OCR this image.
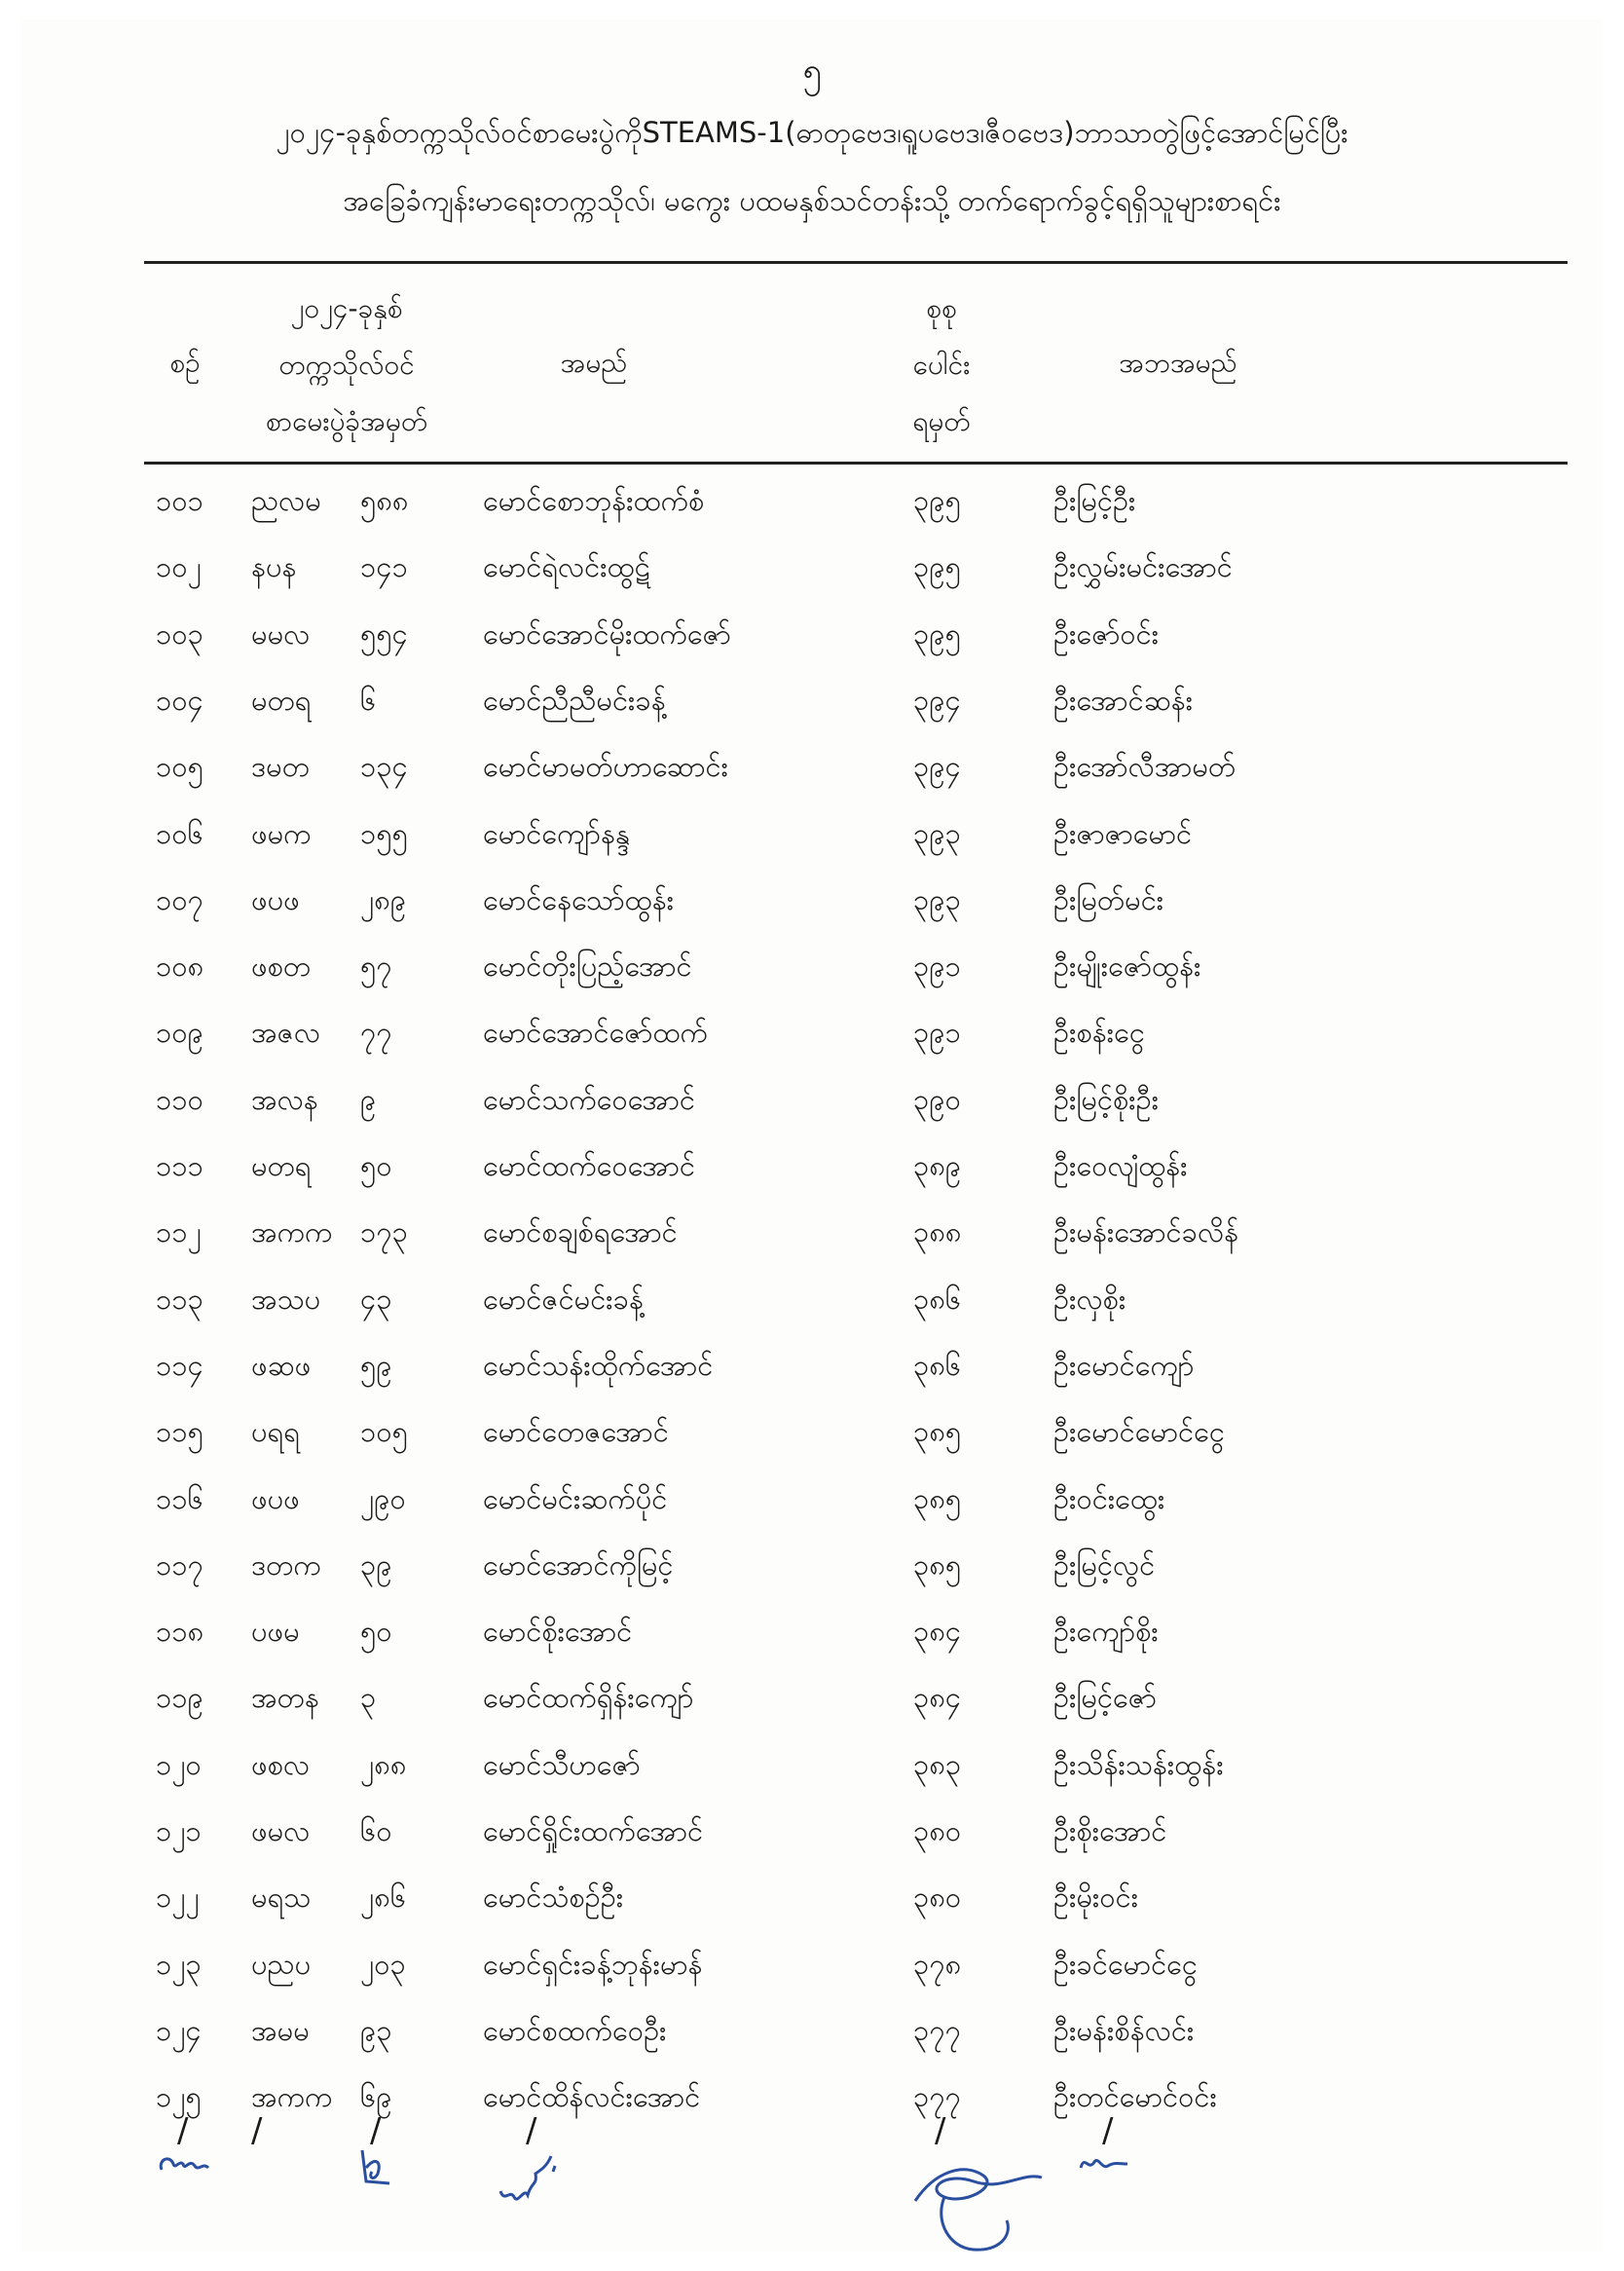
၅
၂၀၂၄-ခုနှစ်တက္ကသိုလ်ဝင်စာမေးပွဲကိုSTEAMS-1(ဓာတုဗေဒ၊ရူပဗေဒ၊ဇီဝဗေဒ)ဘာသာတွဲဖြင့်အောင်မြင်ပြီး
အခြေခံကျန်းမာရေးတက္ကသိုလ်၊ မကွေး ပထမနှစ်သင်တန်းသို့ တက်ရောက်ခွင့်ရရှိသူများစာရင်း
စဉ်
၂၀၂၄-ခုနှစ်
တက္ကသိုလ်ဝင်
စာမေးပွဲခုံအမှတ်
အမည်
စုစု
ပေါင်း
ရမှတ်
အဘအမည်
၁၀၁ ညလမ ၅၈၈	မောင်စောဘုန်းထက်စံ	၃၉၅	ဦးမြင့်ဦး
၁၀၂ နပန ၁၄၁	မောင်ရဲလင်းထွဋ်	၃၉၅	ဦးလွှမ်းမင်းအောင်
၁၀၃ မမလ ၅၅၄	မောင်အောင်မိုးထက်ဇော်	၃၉၅	ဦးဇော်ဝင်း
၁၀၄ မတရ ၆	မောင်ညီညီမင်းခန့်	၃၉၄	ဦးအောင်ဆန်း
၁၀၅ ဒမတ ၁၃၄	မောင်မာမတ်ဟာဆောင်း	၃၉၄	ဦးအော်လီအာမတ်
၁၀၆ ဖမက ၁၅၅	မောင်ကျော်နန္ဒ	၃၉၃	ဦးဇာဇာမောင်
၁၀၇ ဖပဖ ၂၈၉	မောင်နေသော်ထွန်း	၃၉၃	ဦးမြတ်မင်း
၁၀၈ ဖစတ ၅၇	မောင်တိုးပြည့်အောင်	၃၉၁	ဦးမျိုးဇော်ထွန်း
၁၀၉ အဇလ ၇၇	မောင်အောင်ဇော်ထက်	၃၉၁	ဦးစန်းငွေ
၁၁၀ အလန ၉	မောင်သက်ဝေအောင်	၃၉၀	ဦးမြင့်စိုးဦး
၁၁၁ မတရ ၅၀	မောင်ထက်ဝေအောင်	၃၈၉	ဦးဝေလျံထွန်း
၁၁၂ အကက ၁၇၃	မောင်စချစ်ရအောင်	၃၈၈	ဦးမန်းအောင်ခလိန်
၁၁၃ အသပ ၄၃	မောင်ဇင်မင်းခန့်	၃၈၆	ဦးလှစိုး
၁၁၄ ဖဆဖ ၅၉	မောင်သန်းထိုက်အောင်	၃၈၆	ဦးမောင်ကျော်
၁၁၅ ပရရ ၁၀၅	မောင်တေဇအောင်	၃၈၅	ဦးမောင်မောင်ငွေ
၁၁၆ ဖပဖ ၂၉၀	မောင်မင်းဆက်ပိုင်	၃၈၅	ဦးဝင်းထွေး
၁၁၇ ဒတက ၃၉	မောင်အောင်ကိုမြင့်	၃၈၅	ဦးမြင့်လွင်
၁၁၈ ပဖမ ၅၀	မောင်စိုးအောင်	၃၈၄	ဦးကျော်စိုး
၁၁၉ အတန ၃	မောင်ထက်ရှိန်းကျော်	၃၈၄	ဦးမြင့်ဇော်
၁၂၀ ဖစလ ၂၈၈	မောင်သီဟဇော်	၃၈၃	ဦးသိန်းသန်းထွန်း
၁၂၁ ဖမလ ၆၀	မောင်ရှိုင်းထက်အောင်	၃၈၀	ဦးစိုးအောင်
၁၂၂ မရသ ၂၈၆	မောင်သံစဉ်ဦး	၃၈၀	ဦးမိုးဝင်း
၁၂၃ ပညပ ၂၀၃	မောင်ရှင်းခန့်ဘုန်းမာန်	၃၇၈	ဦးခင်မောင်ငွေ
၁၂၄ အမမ ၉၃	မောင်စထက်ဝေဦး	၃၇၇	ဦးမန်းစိန်လင်း
၁၂၅ အကက ၆၉	မောင်ထိန်လင်းအောင်	၃၇၇	ဦးတင်မောင်ဝင်း
/ /	/	/	/	/
